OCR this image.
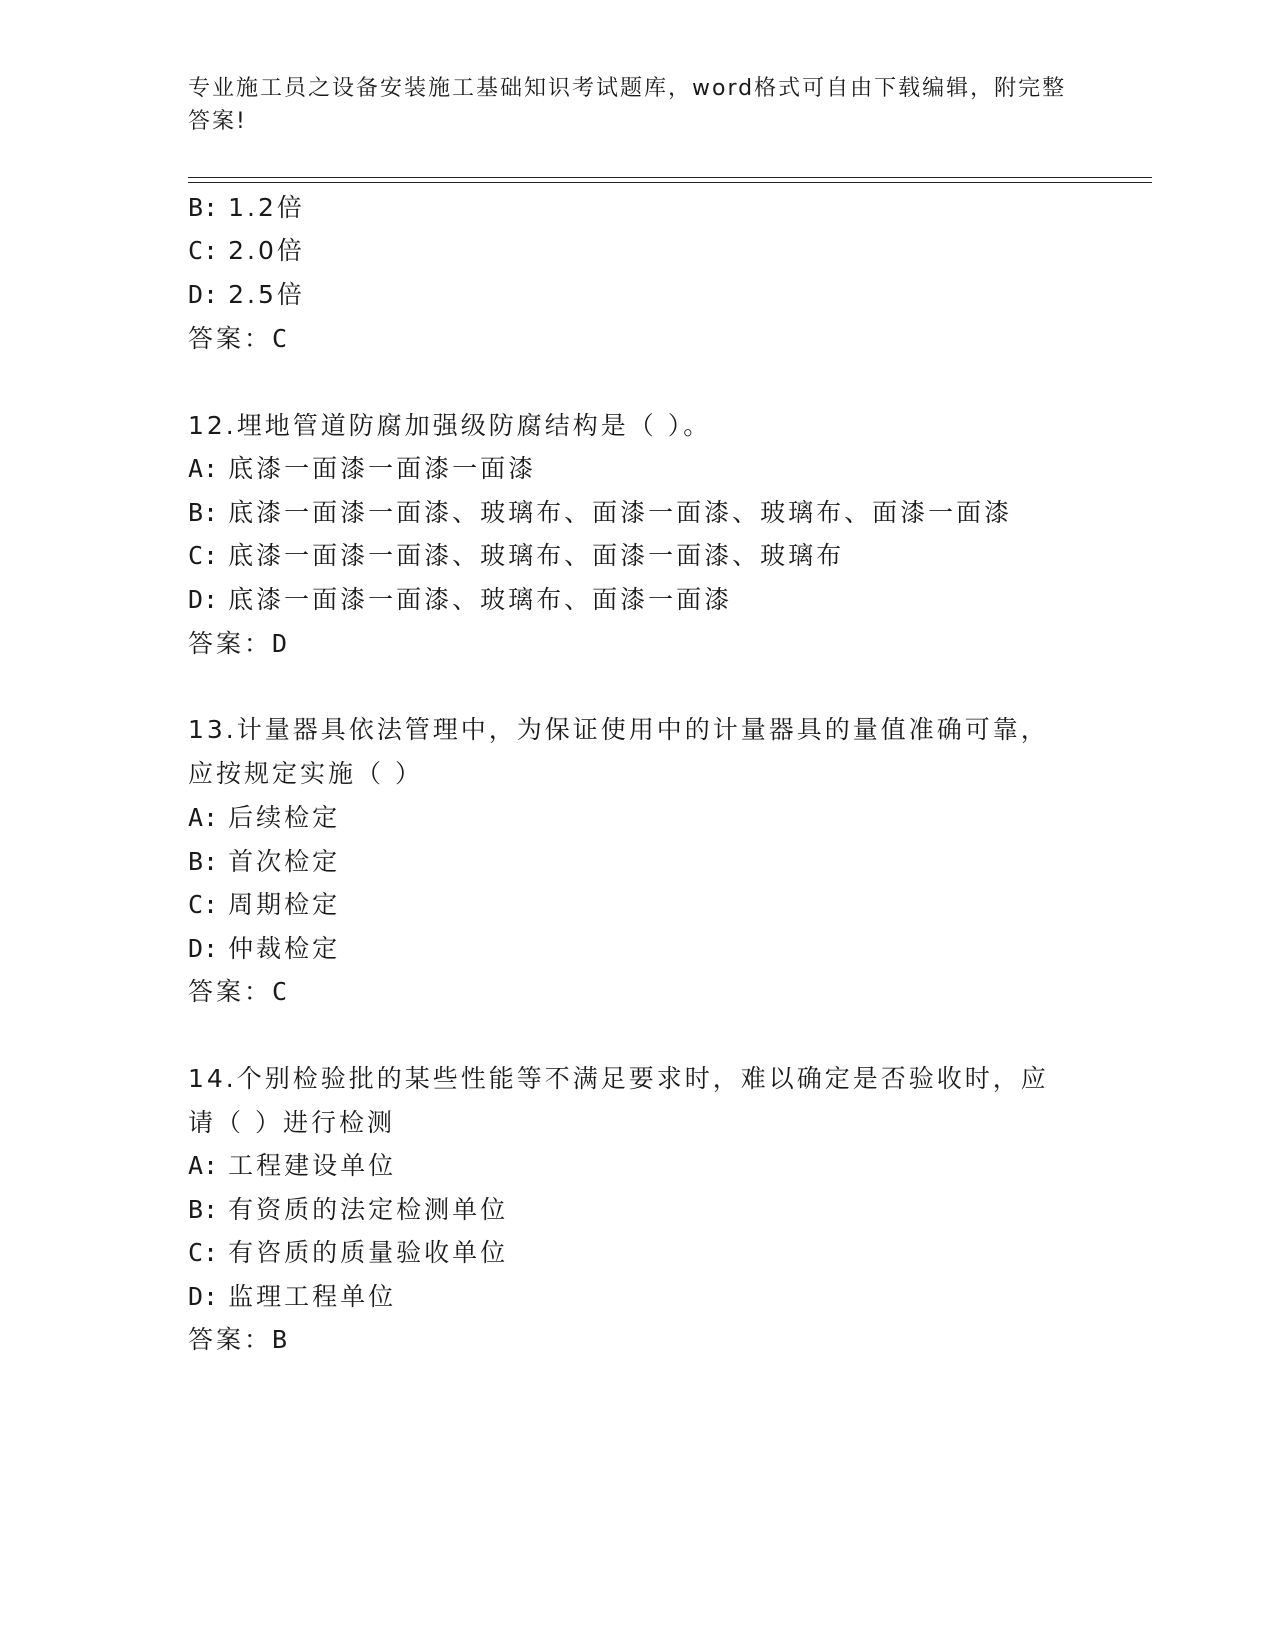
专业施工员之设备安装施工基础知识考试题库，word格式可自由下载编辑，附完整答案!
B: 1.2倍
C: 2.0倍
D: 2.5倍
答案：C
12.埋地管道防腐加强级防腐结构是（ ）。
A: 底漆一面漆一面漆一面漆
B: 底漆一面漆一面漆、玻璃布、面漆一面漆、玻璃布、面漆一面漆
C: 底漆一面漆一面漆、玻璃布、面漆一面漆、玻璃布
D: 底漆一面漆一面漆、玻璃布、面漆一面漆
答案：D
13.计量器具依法管理中，为保证使用中的计量器具的量值准确可靠，
应按规定实施（ ）
A: 后续检定
B: 首次检定
C: 周期检定
D: 仲裁检定
答案：C
14.个别检验批的某些性能等不满足要求时，难以确定是否验收时，应
请（ ）进行检测
A: 工程建设单位
B: 有资质的法定检测单位
C: 有咨质的质量验收单位
D: 监理工程单位
答案：B
